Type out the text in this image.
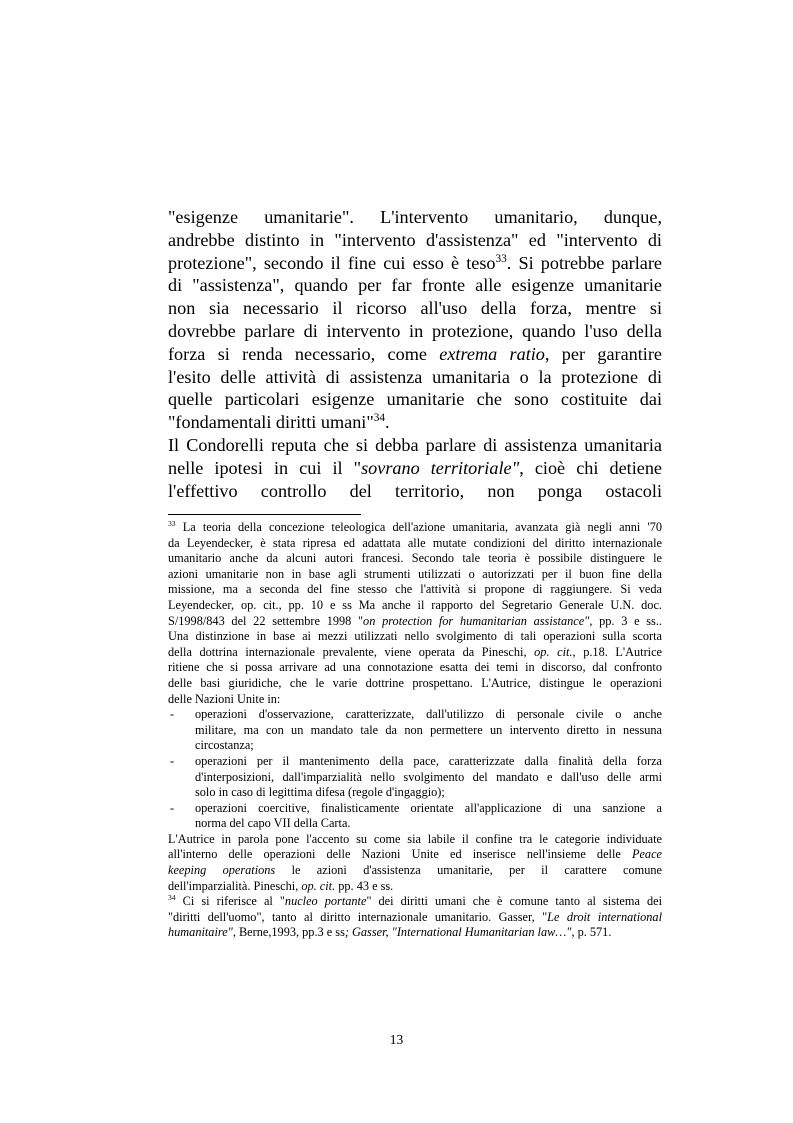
"esigenze umanitarie". L'intervento umanitario, dunque,
andrebbe distinto in "intervento d'assistenza" ed "intervento di
protezione", secondo il fine cui esso è teso$^{33}$. Si potrebbe parlare
di "assistenza", quando per far fronte alle esigenze umanitarie
non sia necessario il ricorso all'uso della forza, mentre si
dovrebbe parlare di intervento in protezione, quando l'uso della
forza si renda necessario, come extrema ratio, per garantire
l'esito delle attività di assistenza umanitaria o la protezione di
quelle particolari esigenze umanitarie che sono costituite dai
"fondamentali diritti umani"$^{34}$.
Il Condorelli reputa che si debba parlare di assistenza umanitaria
nelle ipotesi in cui il "sovrano territoriale", cioè chi detiene
l'effettivo controllo del territorio, non ponga ostacoli
$^{33}$ La teoria della concezione teleologica dell'azione umanitaria, avanzata già negli anni '70
da Leyendecker, è stata ripresa ed adattata alle mutate condizioni del diritto internazionale
umanitario anche da alcuni autori francesi. Secondo tale teoria è possibile distinguere le
azioni umanitarie non in base agli strumenti utilizzati o autorizzati per il buon fine della
missione, ma a seconda del fine stesso che l'attività si propone di raggiungere. Si veda
Leyendecker, op. cit., pp. 10 e ss Ma anche il rapporto del Segretario Generale U.N. doc.
S/1998/843 del 22 settembre 1998 "on protection for humanitarian assistance", pp. 3 e ss..
Una distinzione in base ai mezzi utilizzati nello svolgimento di tali operazioni sulla scorta
della dottrina internazionale prevalente, viene operata da Pineschi, op. cit., p.18. L'Autrice
ritiene che si possa arrivare ad una connotazione esatta dei temi in discorso, dal confronto
delle basi giuridiche, che le varie dottrine prospettano. L'Autrice, distingue le operazioni
delle Nazioni Unite in:
- operazioni d'osservazione, caratterizzate, dall'utilizzo di personale civile o anche
militare, ma con un mandato tale da non permettere un intervento diretto in nessuna
circostanza;
- operazioni per il mantenimento della pace, caratterizzate dalla finalità della forza
d'interposizioni, dall'imparzialità nello svolgimento del mandato e dall'uso delle armi
solo in caso di legittima difesa (regole d'ingaggio);
- operazioni coercitive, finalisticamente orientate all'applicazione di una sanzione a
norma del capo VII della Carta.
L'Autrice in parola pone l'accento su come sia labile il confine tra le categorie individuate
all'interno delle operazioni delle Nazioni Unite ed inserisce nell'insieme delle Peace
keeping operations le azioni d'assistenza umanitarie, per il carattere comune
dell'imparzialità. Pineschi, op. cit. pp. 43 e ss.
$^{34}$ Ci si riferisce al "nucleo portante" dei diritti umani che è comune tanto al sistema dei
"diritti dell'uomo", tanto al diritto internazionale umanitario. Gasser, "Le droit international
humanitaire", Berne,1993, pp.3 e ss; Gasser, "International Humanitarian law…", p. 571.
13
